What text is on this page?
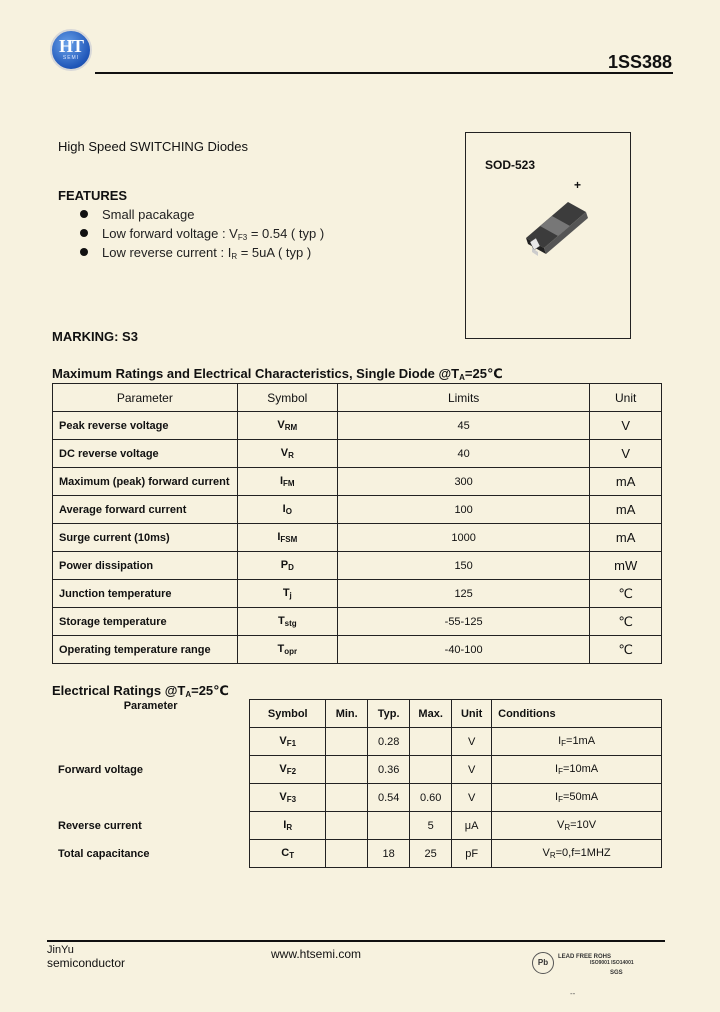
HT
SEMI	1SS388
High Speed SWITCHING Diodes
FEATURES
Small pacakage
Low forward voltage : $V_{F3} = 0.54$ ( typ )
Low reverse current : $I_R = 5uA$ ( typ )
SOD-523
+
MARKING: S3
Maximum Ratings and Electrical Characteristics, Single Diode $@T_A=25℃$
Parameter	Symbol	Limits	Unit
Peak reverse voltage	$V_{RM}$	45	V
DC reverse voltage	$V_R$	40	V
Maximum (peak) forward current	$I_{FM}$	300	mA
Average forward current	$I_O$	100	mA
Surge current (10ms)	$I_{FSM}$	1000	mA
Power dissipation	$P_D$	150	mW
Junction temperature	$T_j$	125	℃
Storage temperature	$T_{stg}$	-55-125	℃
Operating temperature range	$T_{opr}$	-40-100	℃
Electrical Ratings $@T_A=25℃$
Parameter	Symbol	Min.	Typ.	Max.	Unit	Conditions
Forward voltage	$V_{F1}$		0.28		V	$I_F=1mA$
	$V_{F2}$		0.36		V	$I_F=10mA$
	$V_{F3}$		0.54	0.60	V	$I_F=50mA$
Reverse current	$I_R$			5	μA	$V_R=10V$
Total capacitance	$C_T$		18	25	pF	$V_R=0,f=1MHZ$
JinYu
semiconductor
www.htsemi.com
Pb
LEAD FREE ROHS
ISO9001 ISO14001
SGS
--
